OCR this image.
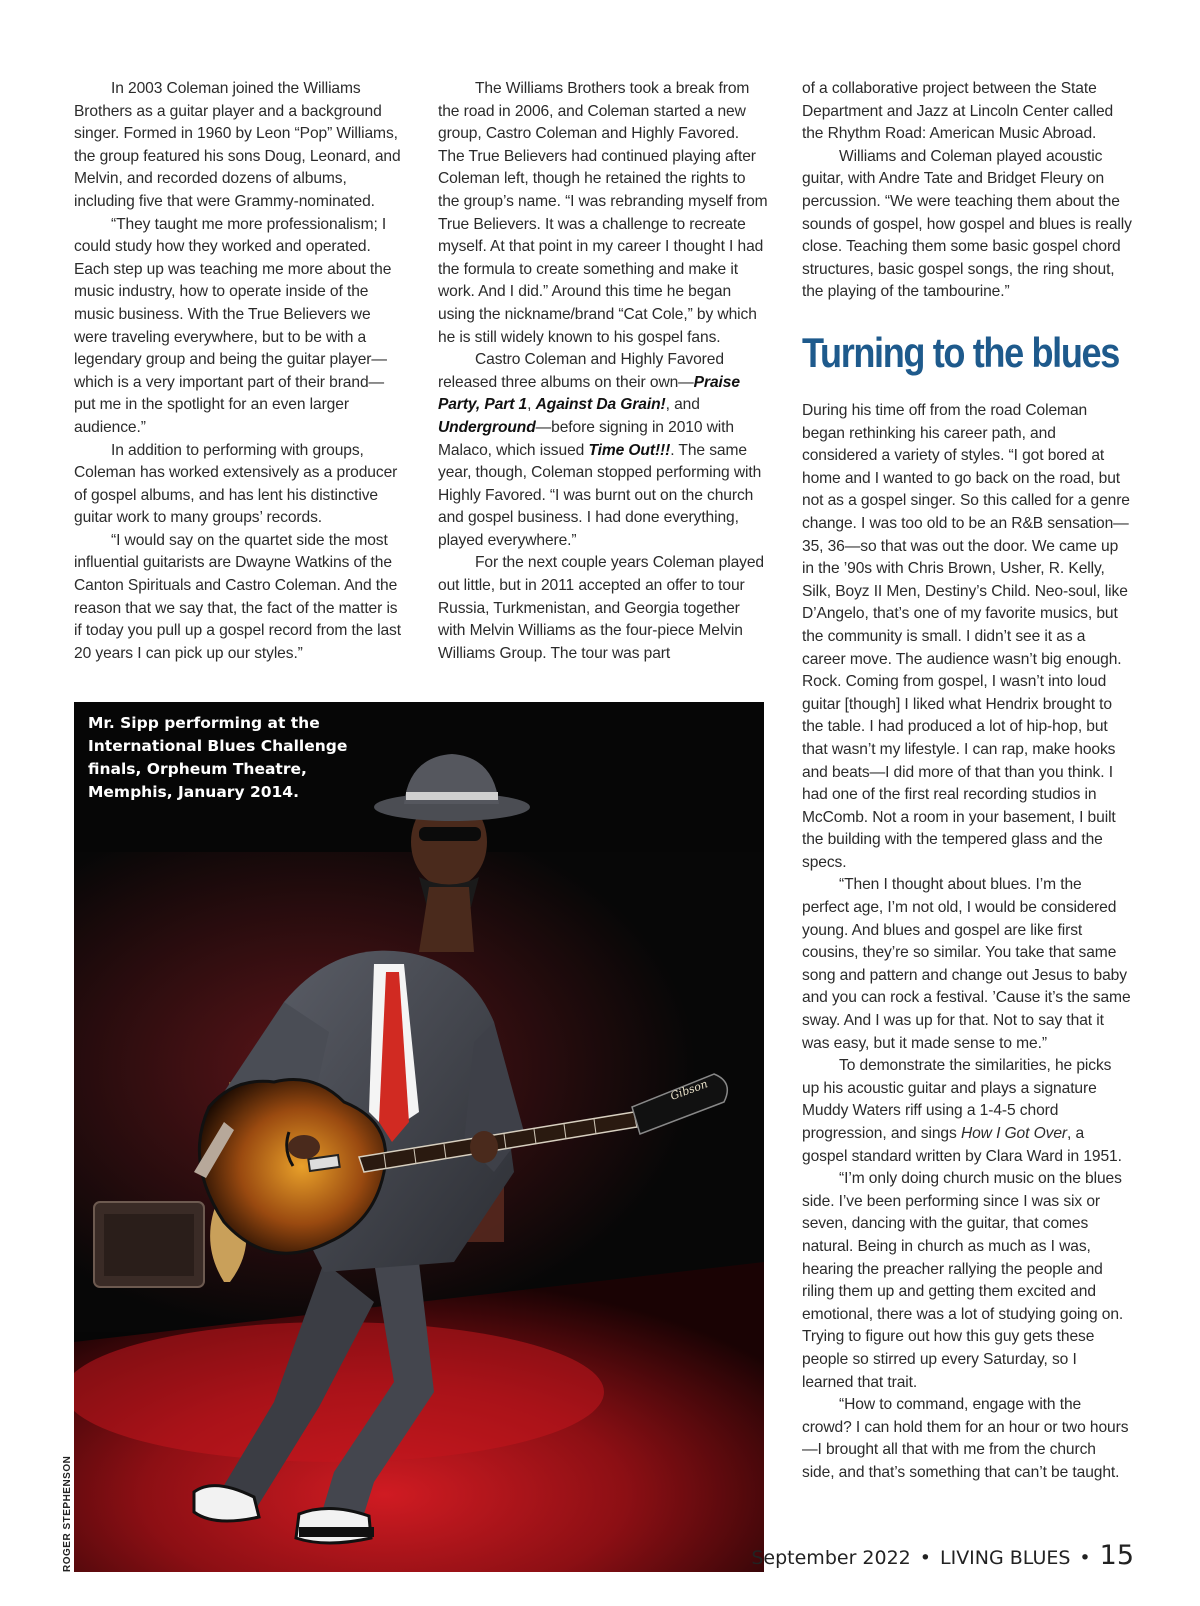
In 2003 Coleman joined the Williams Brothers as a guitar player and a background singer. Formed in 1960 by Leon “Pop” Williams, the group featured his sons Doug, Leonard, and Melvin, and recorded dozens of albums, including five that were Grammy-nominated.

“They taught me more professionalism; I could study how they worked and operated. Each step up was teaching me more about the music industry, how to operate inside of the music business. With the True Believers we were traveling everywhere, but to be with a legendary group and being the guitar player—which is a very important part of their brand—put me in the spotlight for an even larger audience.”

In addition to performing with groups, Coleman has worked extensively as a producer of gospel albums, and has lent his distinctive guitar work to many groups’ records.

“I would say on the quartet side the most influential guitarists are Dwayne Watkins of the Canton Spirituals and Castro Coleman. And the reason that we say that, the fact of the matter is if today you pull up a gospel record from the last 20 years I can pick up our styles.”

The Williams Brothers took a break from the road in 2006, and Coleman started a new group, Castro Coleman and Highly Favored. The True Believers had continued playing after Coleman left, though he retained the rights to the group’s name. “I was rebranding myself from True Believers. It was a challenge to recreate myself. At that point in my career I thought I had the formula to create something and make it work. And I did.” Around this time he began using the nickname/brand “Cat Cole,” by which he is still widely known to his gospel fans.

Castro Coleman and Highly Favored released three albums on their own—Praise Party, Part 1, Against Da Grain!, and Underground—before signing in 2010 with Malaco, which issued Time Out!!!. The same year, though, Coleman stopped performing with Highly Favored. “I was burnt out on the church and gospel business. I had done everything, played everywhere.”

For the next couple years Coleman played out little, but in 2011 accepted an offer to tour Russia, Turkmenistan, and Georgia together with Melvin Williams as the four-piece Melvin Williams Group. The tour was part

of a collaborative project between the State Department and Jazz at Lincoln Center called the Rhythm Road: American Music Abroad.

Williams and Coleman played acoustic guitar, with Andre Tate and Bridget Fleury on percussion. “We were teaching them about the sounds of gospel, how gospel and blues is really close. Teaching them some basic gospel chord structures, basic gospel songs, the ring shout, the playing of the tambourine.”

Turning to the blues

During his time off from the road Coleman began rethinking his career path, and considered a variety of styles. “I got bored at home and I wanted to go back on the road, but not as a gospel singer. So this called for a genre change. I was too old to be an R&B sensation—35, 36—so that was out the door. We came up in the ’90s with Chris Brown, Usher, R. Kelly, Silk, Boyz II Men, Destiny’s Child. Neo-soul, like D’Angelo, that’s one of my favorite musics, but the community is small. I didn’t see it as a career move. The audience wasn’t big enough. Rock. Coming from gospel, I wasn’t into loud guitar [though] I liked what Hendrix brought to the table. I had produced a lot of hip-hop, but that wasn’t my lifestyle. I can rap, make hooks and beats—I did more of that than you think. I had one of the first real recording studios in McComb. Not a room in your basement, I built the building with the tempered glass and the specs.

“Then I thought about blues. I’m the perfect age, I’m not old, I would be considered young. And blues and gospel are like first cousins, they’re so similar. You take that same song and pattern and change out Jesus to baby and you can rock a festival. ’Cause it’s the same sway. And I was up for that. Not to say that it was easy, but it made sense to me.”

To demonstrate the similarities, he picks up his acoustic guitar and plays a signature Muddy Waters riff using a 1-4-5 chord progression, and sings How I Got Over, a gospel standard written by Clara Ward in 1951.

“I’m only doing church music on the blues side. I’ve been performing since I was six or seven, dancing with the guitar, that comes natural. Being in church as much as I was, hearing the preacher rallying the people and riling them up and getting them excited and emotional, there was a lot of studying going on. Trying to figure out how this guy gets these people so stirred up every Saturday, so I learned that trait.

“How to command, engage with the crowd? I can hold them for an hour or two hours—I brought all that with me from the church side, and that’s something that can’t be taught.

Gibson
Mr. Sipp performing at the International Blues Challenge finals, Orpheum Theatre, Memphis, January 2014.
ROGER STEPHENSON	September 2022 • LIVING BLUES • 15
